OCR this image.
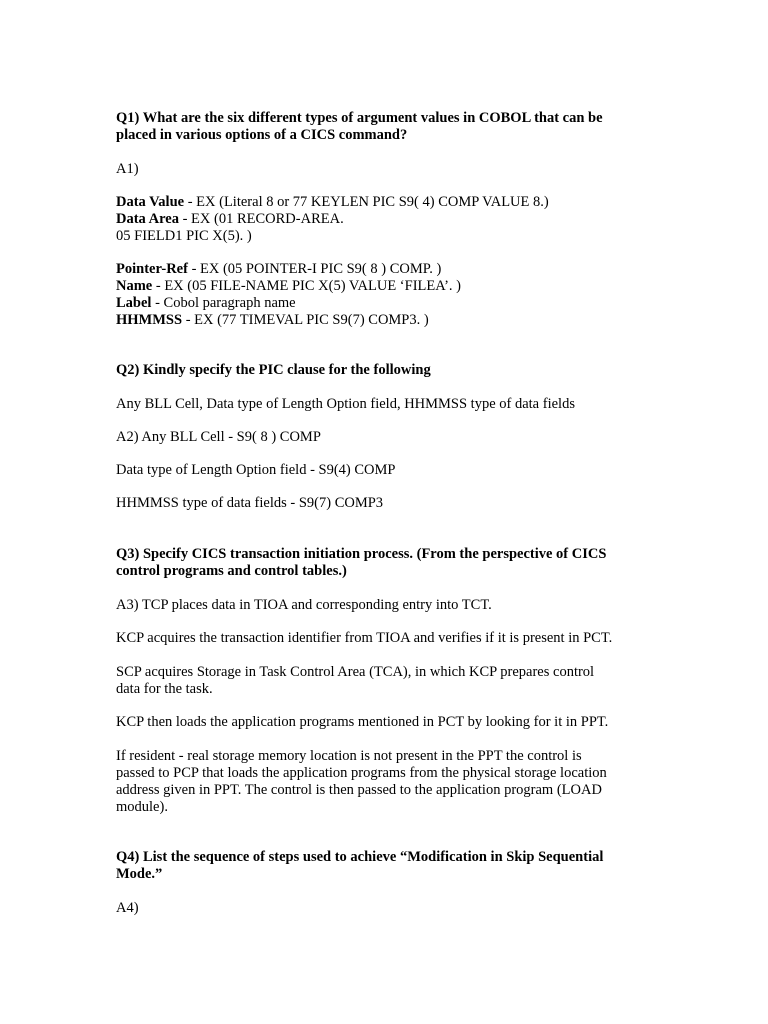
Q1) What are the six different types of argument values in COBOL that can be
placed in various options of a CICS command?
A1)
Data Value - EX (Literal 8 or 77 KEYLEN PIC S9( 4) COMP VALUE 8.)
Data Area - EX (01 RECORD-AREA.
05 FIELD1 PIC X(5). )
Pointer-Ref - EX (05 POINTER-I PIC S9( 8 ) COMP. )
Name - EX (05 FILE-NAME PIC X(5) VALUE ‘FILEA’. )
Label - Cobol paragraph name
HHMMSS - EX (77 TIMEVAL PIC S9(7) COMP3. )
Q2) Kindly specify the PIC clause for the following
Any BLL Cell, Data type of Length Option field, HHMMSS type of data fields
A2) Any BLL Cell - S9( 8 ) COMP
Data type of Length Option field - S9(4) COMP
HHMMSS type of data fields - S9(7) COMP3
Q3) Specify CICS transaction initiation process. (From the perspective of CICS
control programs and control tables.)
A3) TCP places data in TIOA and corresponding entry into TCT.
KCP acquires the transaction identifier from TIOA and verifies if it is present in PCT.
SCP acquires Storage in Task Control Area (TCA), in which KCP prepares control
data for the task.
KCP then loads the application programs mentioned in PCT by looking for it in PPT.
If resident - real storage memory location is not present in the PPT the control is
passed to PCP that loads the application programs from the physical storage location
address given in PPT. The control is then passed to the application program (LOAD
module).
Q4) List the sequence of steps used to achieve “Modification in Skip Sequential
Mode.”
A4)
